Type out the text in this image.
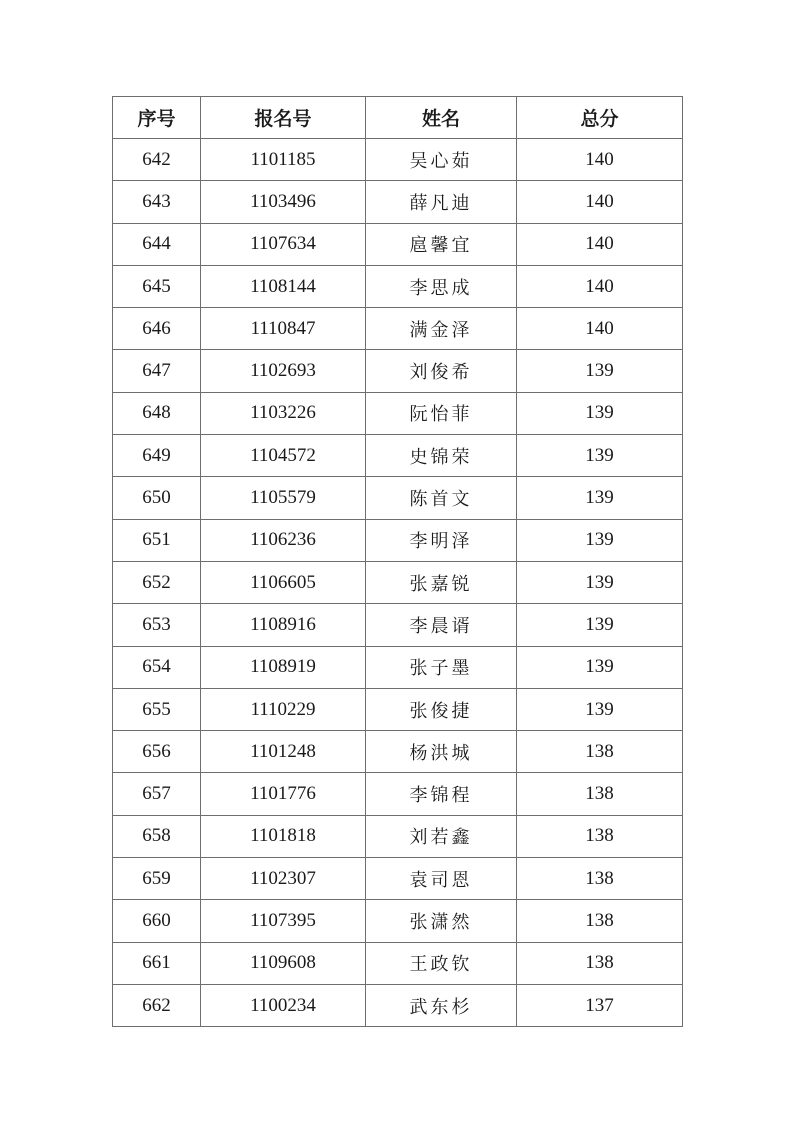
序号	报名号	姓名	总分
642	1101185	吴心茹	140
643	1103496	薛凡迪	140
644	1107634	扈馨宜	140
645	1108144	李思成	140
646	1110847	满金泽	140
647	1102693	刘俊希	139
648	1103226	阮怡菲	139
649	1104572	史锦荣	139
650	1105579	陈首文	139
651	1106236	李明泽	139
652	1106605	张嘉锐	139
653	1108916	李晨谞	139
654	1108919	张子墨	139
655	1110229	张俊捷	139
656	1101248	杨洪城	138
657	1101776	李锦程	138
658	1101818	刘若鑫	138
659	1102307	袁司恩	138
660	1107395	张潇然	138
661	1109608	王政钦	138
662	1100234	武东杉	137
